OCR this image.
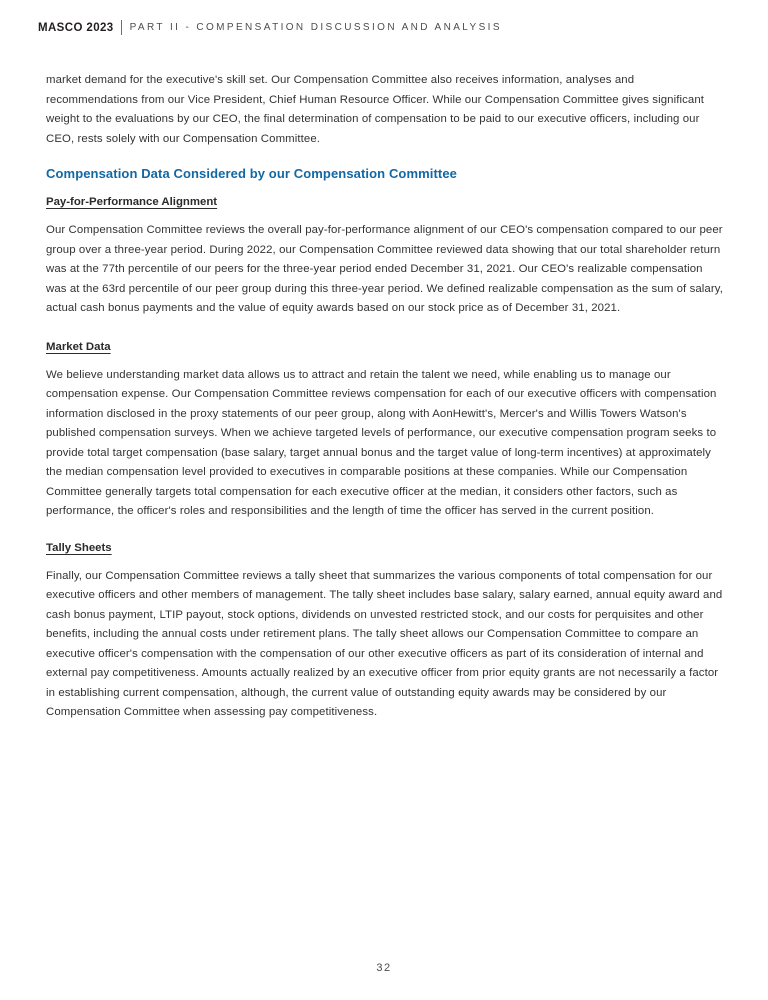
MASCO 2023 PART II - COMPENSATION DISCUSSION AND ANALYSIS

market demand for the executive's skill set. Our Compensation Committee also receives information, analyses and recommendations from our Vice President, Chief Human Resource Officer. While our Compensation Committee gives significant weight to the evaluations by our CEO, the final determination of compensation to be paid to our executive officers, including our CEO, rests solely with our Compensation Committee.

Compensation Data Considered by our Compensation Committee
Pay-for-Performance Alignment

Our Compensation Committee reviews the overall pay-for-performance alignment of our CEO's compensation compared to our peer group over a three-year period. During 2022, our Compensation Committee reviewed data showing that our total shareholder return was at the 77th percentile of our peers for the three-year period ended December 31, 2021. Our CEO's realizable compensation was at the 63rd percentile of our peer group during this three-year period. We defined realizable compensation as the sum of salary, actual cash bonus payments and the value of equity awards based on our stock price as of December 31, 2021.

Market Data

We believe understanding market data allows us to attract and retain the talent we need, while enabling us to manage our compensation expense. Our Compensation Committee reviews compensation for each of our executive officers with compensation information disclosed in the proxy statements of our peer group, along with AonHewitt's, Mercer's and Willis Towers Watson's published compensation surveys. When we achieve targeted levels of performance, our executive compensation program seeks to provide total target compensation (base salary, target annual bonus and the target value of long-term incentives) at approximately the median compensation level provided to executives in comparable positions at these companies. While our Compensation Committee generally targets total compensation for each executive officer at the median, it considers other factors, such as performance, the officer's roles and responsibilities and the length of time the officer has served in the current position.

Tally Sheets

Finally, our Compensation Committee reviews a tally sheet that summarizes the various components of total compensation for our executive officers and other members of management. The tally sheet includes base salary, salary earned, annual equity award and cash bonus payment, LTIP payout, stock options, dividends on unvested restricted stock, and our costs for perquisites and other benefits, including the annual costs under retirement plans. The tally sheet allows our Compensation Committee to compare an executive officer's compensation with the compensation of our other executive officers as part of its consideration of internal and external pay competitiveness. Amounts actually realized by an executive officer from prior equity grants are not necessarily a factor in establishing current compensation, although, the current value of outstanding equity awards may be considered by our Compensation Committee when assessing pay competitiveness.

32
